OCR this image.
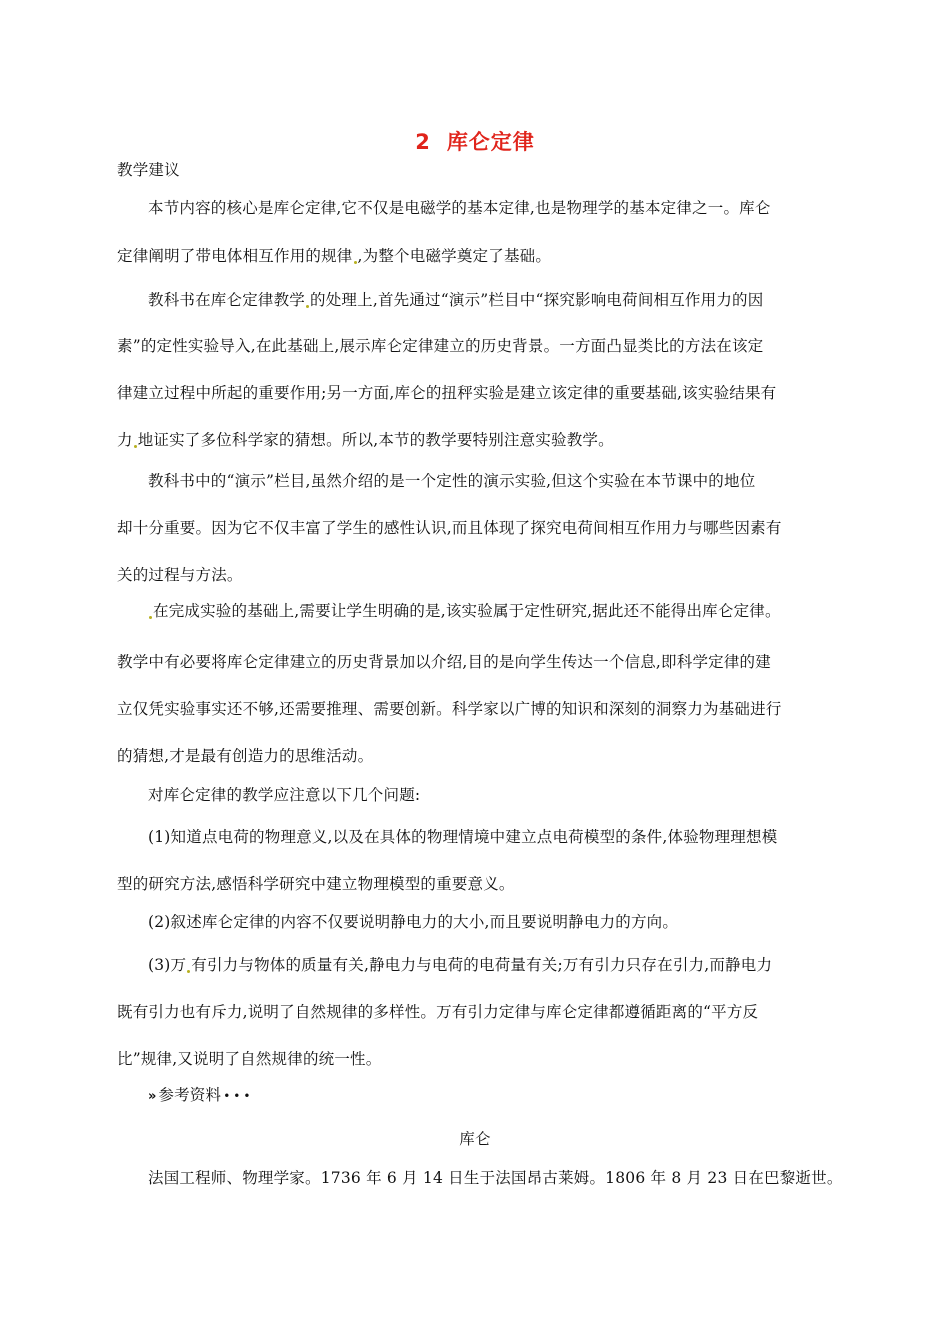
2 库仑定律
教学建议
本节内容的核心是库仑定律,它不仅是电磁学的基本定律,也是物理学的基本定律之一。库仑
定律阐明了带电体相互作用的规律 ,为整个电磁学奠定了基础。
教科书在库仑定律教学 的处理上,首先通过“演示”栏目中“探究影响电荷间相互作用力的因
素”的定性实验导入,在此基础上,展示库仑定律建立的历史背景。一方面凸显类比的方法在该定
律建立过程中所起的重要作用;另一方面,库仑的扭秤实验是建立该定律的重要基础,该实验结果有
力 地证实了多位科学家的猜想。所以,本节的教学要特别注意实验教学。
教科书中的“演示”栏目,虽然介绍的是一个定性的演示实验,但这个实验在本节课中的地位
却十分重要。因为它不仅丰富了学生的感性认识,而且体现了探究电荷间相互作用力与哪些因素有
关的过程与方法。
在完成实验的基础上,需要让学生明确的是,该实验属于定性研究,据此还不能得出库仑定律。
教学中有必要将库仑定律建立的历史背景加以介绍,目的是向学生传达一个信息,即科学定律的建
立仅凭实验事实还不够,还需要推理、需要创新。科学家以广博的知识和深刻的洞察力为基础进行
的猜想,才是最有创造力的思维活动。
对库仑定律的教学应注意以下几个问题:
(1)知道点电荷的物理意义,以及在具体的物理情境中建立点电荷模型的条件,体验物理理想模
型的研究方法,感悟科学研究中建立物理模型的重要意义。
(2)叙述库仑定律的内容不仅要说明静电力的大小,而且要说明静电力的方向。
(3)万 有引力与物体的质量有关,静电力与电荷的电荷量有关;万有引力只存在引力,而静电力
既有引力也有斥力,说明了自然规律的多样性。万有引力定律与库仑定律都遵循距离的“平方反
比”规律,又说明了自然规律的统一性。
» 参考资料 •••
库仑
法国工程师、物理学家。1736 年 6 月 14 日生于法国昂古莱姆。1806 年 8 月 23 日在巴黎逝世。
